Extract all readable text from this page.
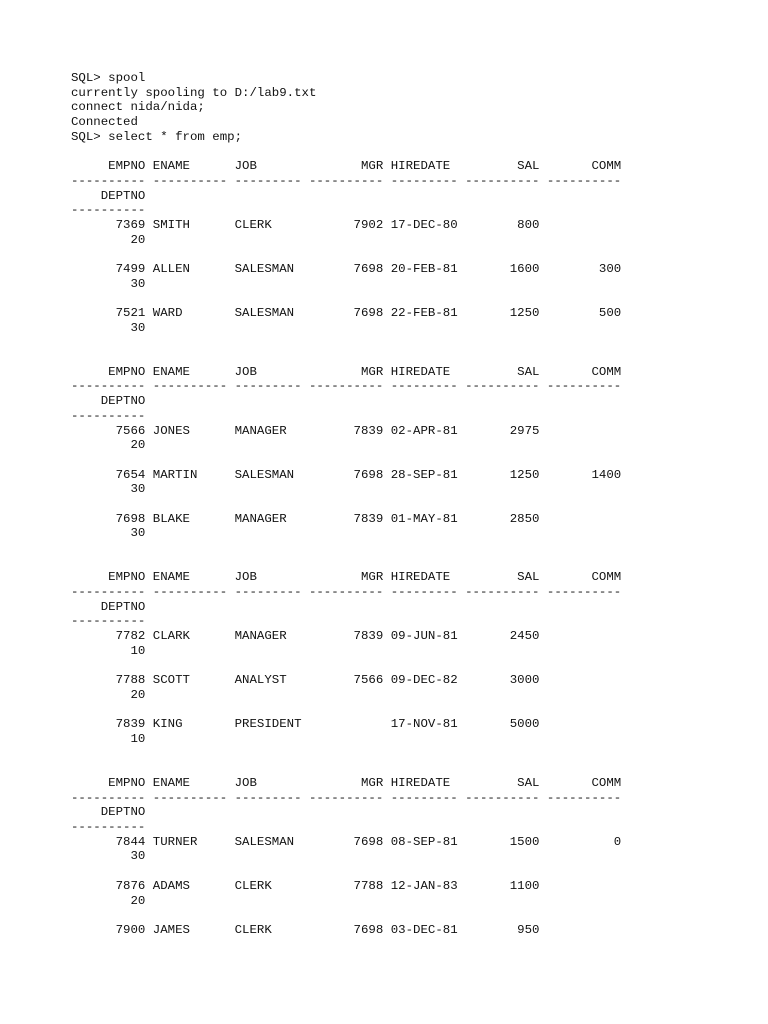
SQL> spool
currently spooling to D:/lab9.txt
connect nida/nida;
Connected
SQL> select * from emp;
EMPNO ENAME      JOB              MGR HIREDATE         SAL       COMM
---------- ---------- --------- ---------- --------- ---------- ----------
DEPTNO
----------
7369 SMITH      CLERK           7902 17-DEC-80        800
20
7499 ALLEN      SALESMAN        7698 20-FEB-81       1600        300
30
7521 WARD       SALESMAN        7698 22-FEB-81       1250        500
30
EMPNO ENAME      JOB              MGR HIREDATE         SAL       COMM
---------- ---------- --------- ---------- --------- ---------- ----------
DEPTNO
----------
7566 JONES      MANAGER         7839 02-APR-81       2975
20
7654 MARTIN     SALESMAN        7698 28-SEP-81       1250       1400
30
7698 BLAKE      MANAGER         7839 01-MAY-81       2850
30
EMPNO ENAME      JOB              MGR HIREDATE         SAL       COMM
---------- ---------- --------- ---------- --------- ---------- ----------
DEPTNO
----------
7782 CLARK      MANAGER         7839 09-JUN-81       2450
10
7788 SCOTT      ANALYST         7566 09-DEC-82       3000
20
7839 KING       PRESIDENT            17-NOV-81       5000
10
EMPNO ENAME      JOB              MGR HIREDATE         SAL       COMM
---------- ---------- --------- ---------- --------- ---------- ----------
DEPTNO
----------
7844 TURNER     SALESMAN        7698 08-SEP-81       1500          0
30
7876 ADAMS      CLERK           7788 12-JAN-83       1100
20
7900 JAMES      CLERK           7698 03-DEC-81        950
